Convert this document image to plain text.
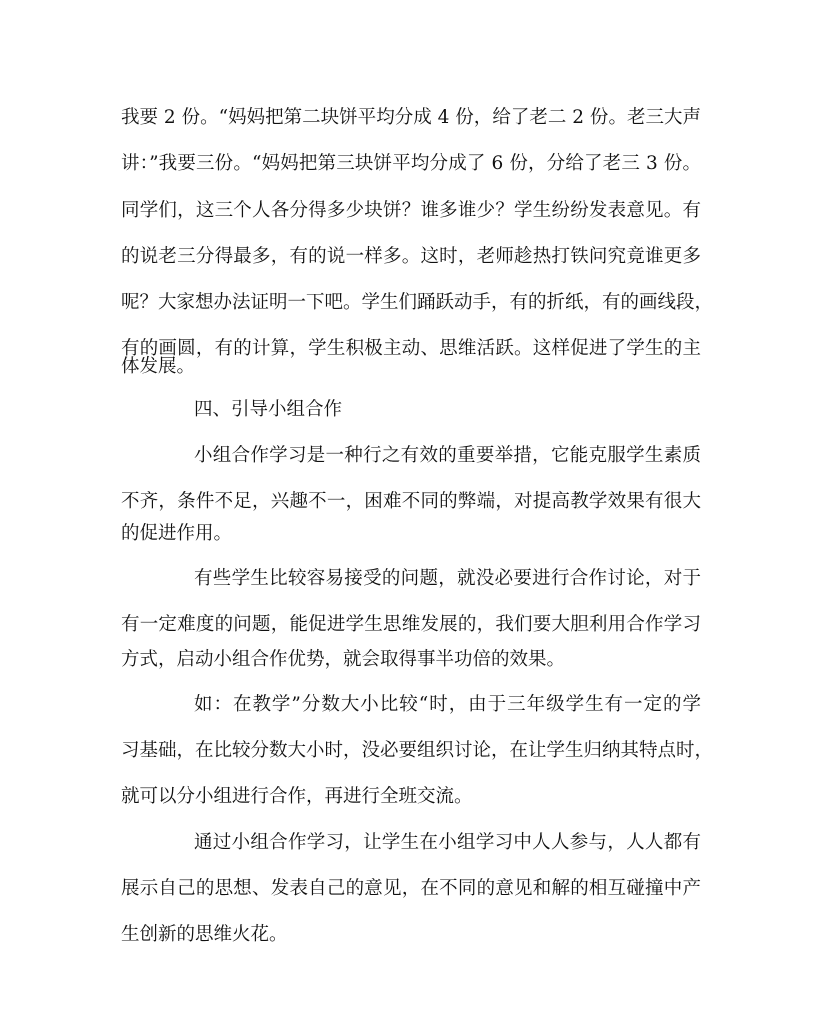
我要 2 份。“妈妈把第二块饼平均分成 4 份，给了老二 2 份。老三大声
讲：”我要三份。“妈妈把第三块饼平均分成了 6 份，分给了老三 3 份。
同学们，这三个人各分得多少块饼？谁多谁少？学生纷纷发表意见。有
的说老三分得最多，有的说一样多。这时，老师趁热打铁问究竟谁更多
呢？大家想办法证明一下吧。学生们踊跃动手，有的折纸，有的画线段，
有的画圆，有的计算，学生积极主动、思维活跃。这样促进了学生的主
体发展。
四、引导小组合作
小组合作学习是一种行之有效的重要举措，它能克服学生素质
不齐，条件不足，兴趣不一，困难不同的弊端，对提高教学效果有很大
的促进作用。
有些学生比较容易接受的问题，就没必要进行合作讨论，对于
有一定难度的问题，能促进学生思维发展的，我们要大胆利用合作学习
方式，启动小组合作优势，就会取得事半功倍的效果。
如：在教学”分数大小比较“时，由于三年级学生有一定的学
习基础，在比较分数大小时，没必要组织讨论，在让学生归纳其特点时，
就可以分小组进行合作，再进行全班交流。
通过小组合作学习，让学生在小组学习中人人参与，人人都有
展示自己的思想、发表自己的意见，在不同的意见和解的相互碰撞中产
生创新的思维火花。
